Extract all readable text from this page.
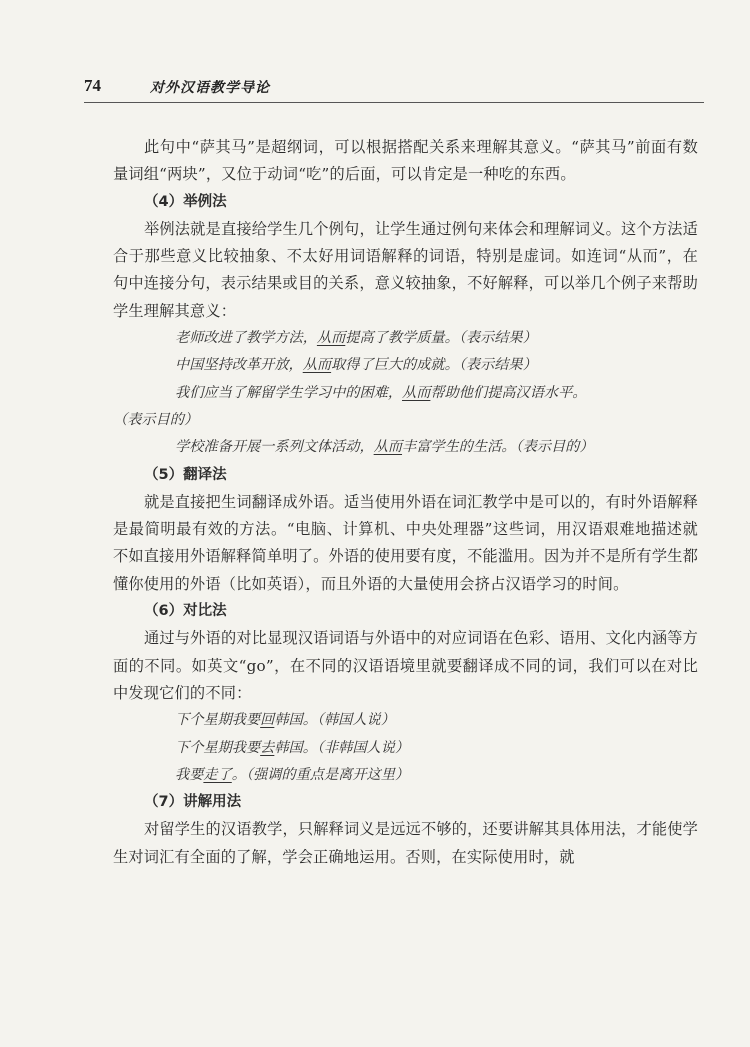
74	对外汉语教学导论

此句中“萨其马”是超纲词，可以根据搭配关系来理解其意义。“萨其马”前面有数量词组“两块”，又位于动词“吃”的后面，可以肯定是一种吃的东西。

（4）举例法

举例法就是直接给学生几个例句，让学生通过例句来体会和理解词义。这个方法适合于那些意义比较抽象、不太好用词语解释的词语，特别是虚词。如连词“从而”，在句中连接分句，表示结果或目的关系，意义较抽象，不好解释，可以举几个例子来帮助学生理解其意义：

老师改进了教学方法，从而提高了教学质量。（表示结果）

中国坚持改革开放，从而取得了巨大的成就。（表示结果）

我们应当了解留学生学习中的困难，从而帮助他们提高汉语水平。

（表示目的）

学校准备开展一系列文体活动，从而丰富学生的生活。（表示目的）

（5）翻译法

就是直接把生词翻译成外语。适当使用外语在词汇教学中是可以的，有时外语解释是最简明最有效的方法。“电脑、计算机、中央处理器”这些词，用汉语艰难地描述就不如直接用外语解释简单明了。外语的使用要有度，不能滥用。因为并不是所有学生都懂你使用的外语（比如英语），而且外语的大量使用会挤占汉语学习的时间。

（6）对比法

通过与外语的对比显现汉语词语与外语中的对应词语在色彩、语用、文化内涵等方面的不同。如英文“go”，在不同的汉语语境里就要翻译成不同的词，我们可以在对比中发现它们的不同：

下个星期我要回韩国。（韩国人说）

下个星期我要去韩国。（非韩国人说）

我要走了。（强调的重点是离开这里）

（7）讲解用法

对留学生的汉语教学，只解释词义是远远不够的，还要讲解其具体用法，才能使学生对词汇有全面的了解，学会正确地运用。否则，在实际使用时，就
